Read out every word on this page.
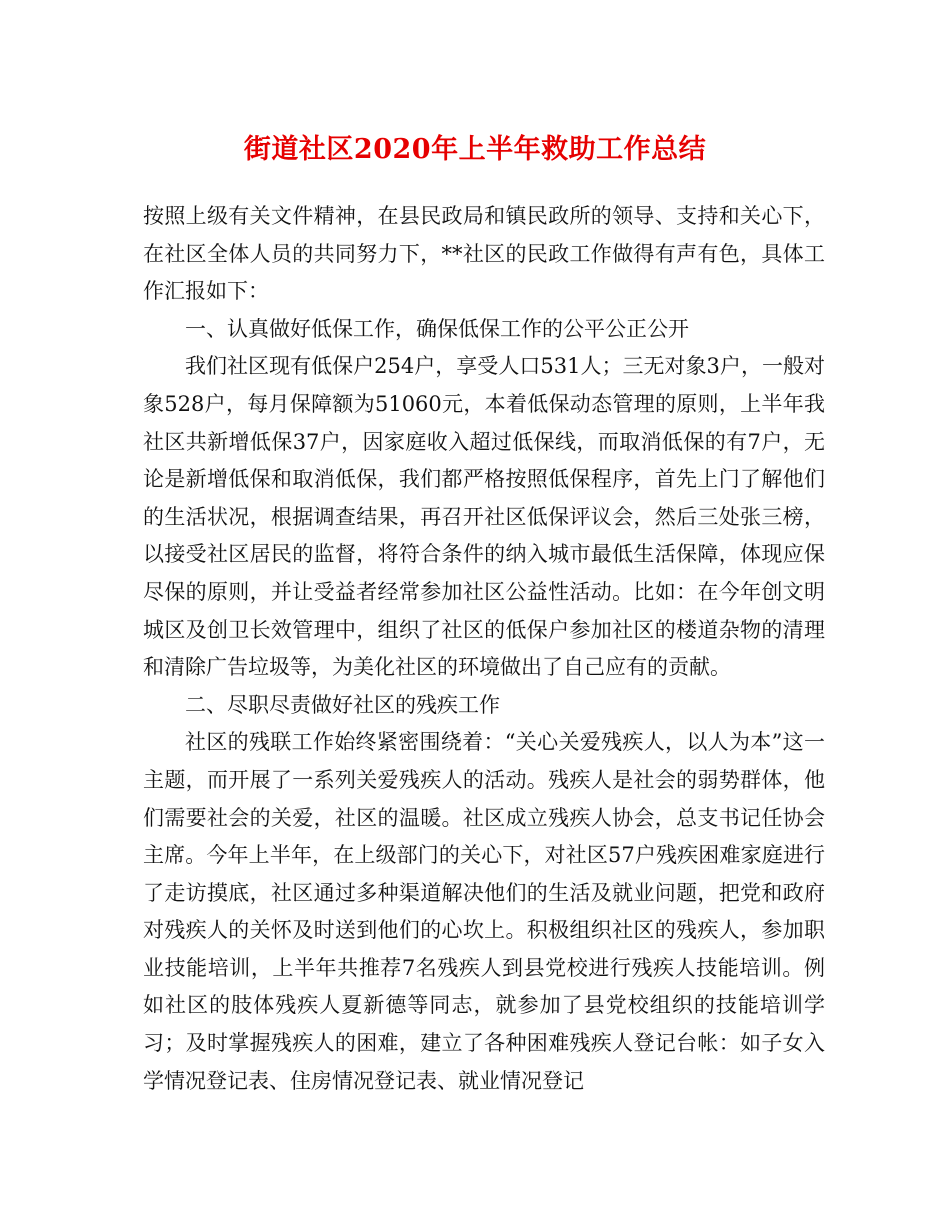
街道社区2020年上半年救助工作总结

按照上级有关文件精神，在县民政局和镇民政所的领导、支持和关心下，在社区全体人员的共同努力下，**社区的民政工作做得有声有色，具体工作汇报如下：

一、认真做好低保工作，确保低保工作的公平公正公开

我们社区现有低保户254户，享受人口531人；三无对象3户，一般对象528户，每月保障额为51060元，本着低保动态管理的原则，上半年我社区共新增低保37户，因家庭收入超过低保线，而取消低保的有7户，无论是新增低保和取消低保，我们都严格按照低保程序，首先上门了解他们的生活状况，根据调查结果，再召开社区低保评议会，然后三处张三榜，以接受社区居民的监督，将符合条件的纳入城市最低生活保障，体现应保尽保的原则，并让受益者经常参加社区公益性活动。比如：在今年创文明城区及创卫长效管理中，组织了社区的低保户参加社区的楼道杂物的清理和清除广告垃圾等，为美化社区的环境做出了自己应有的贡献。

二、尽职尽责做好社区的残疾工作

社区的残联工作始终紧密围绕着：“关心关爱残疾人，以人为本”这一主题，而开展了一系列关爱残疾人的活动。残疾人是社会的弱势群体，他们需要社会的关爱，社区的温暖。社区成立残疾人协会，总支书记任协会主席。今年上半年，在上级部门的关心下，对社区57户残疾困难家庭进行了走访摸底，社区通过多种渠道解决他们的生活及就业问题，把党和政府对残疾人的关怀及时送到他们的心坎上。积极组织社区的残疾人，参加职业技能培训，上半年共推荐7名残疾人到县党校进行残疾人技能培训。例如社区的肢体残疾人夏新德等同志，就参加了县党校组织的技能培训学习；及时掌握残疾人的困难，建立了各种困难残疾人登记台帐：如子女入学情况登记表、住房情况登记表、就业情况登记
